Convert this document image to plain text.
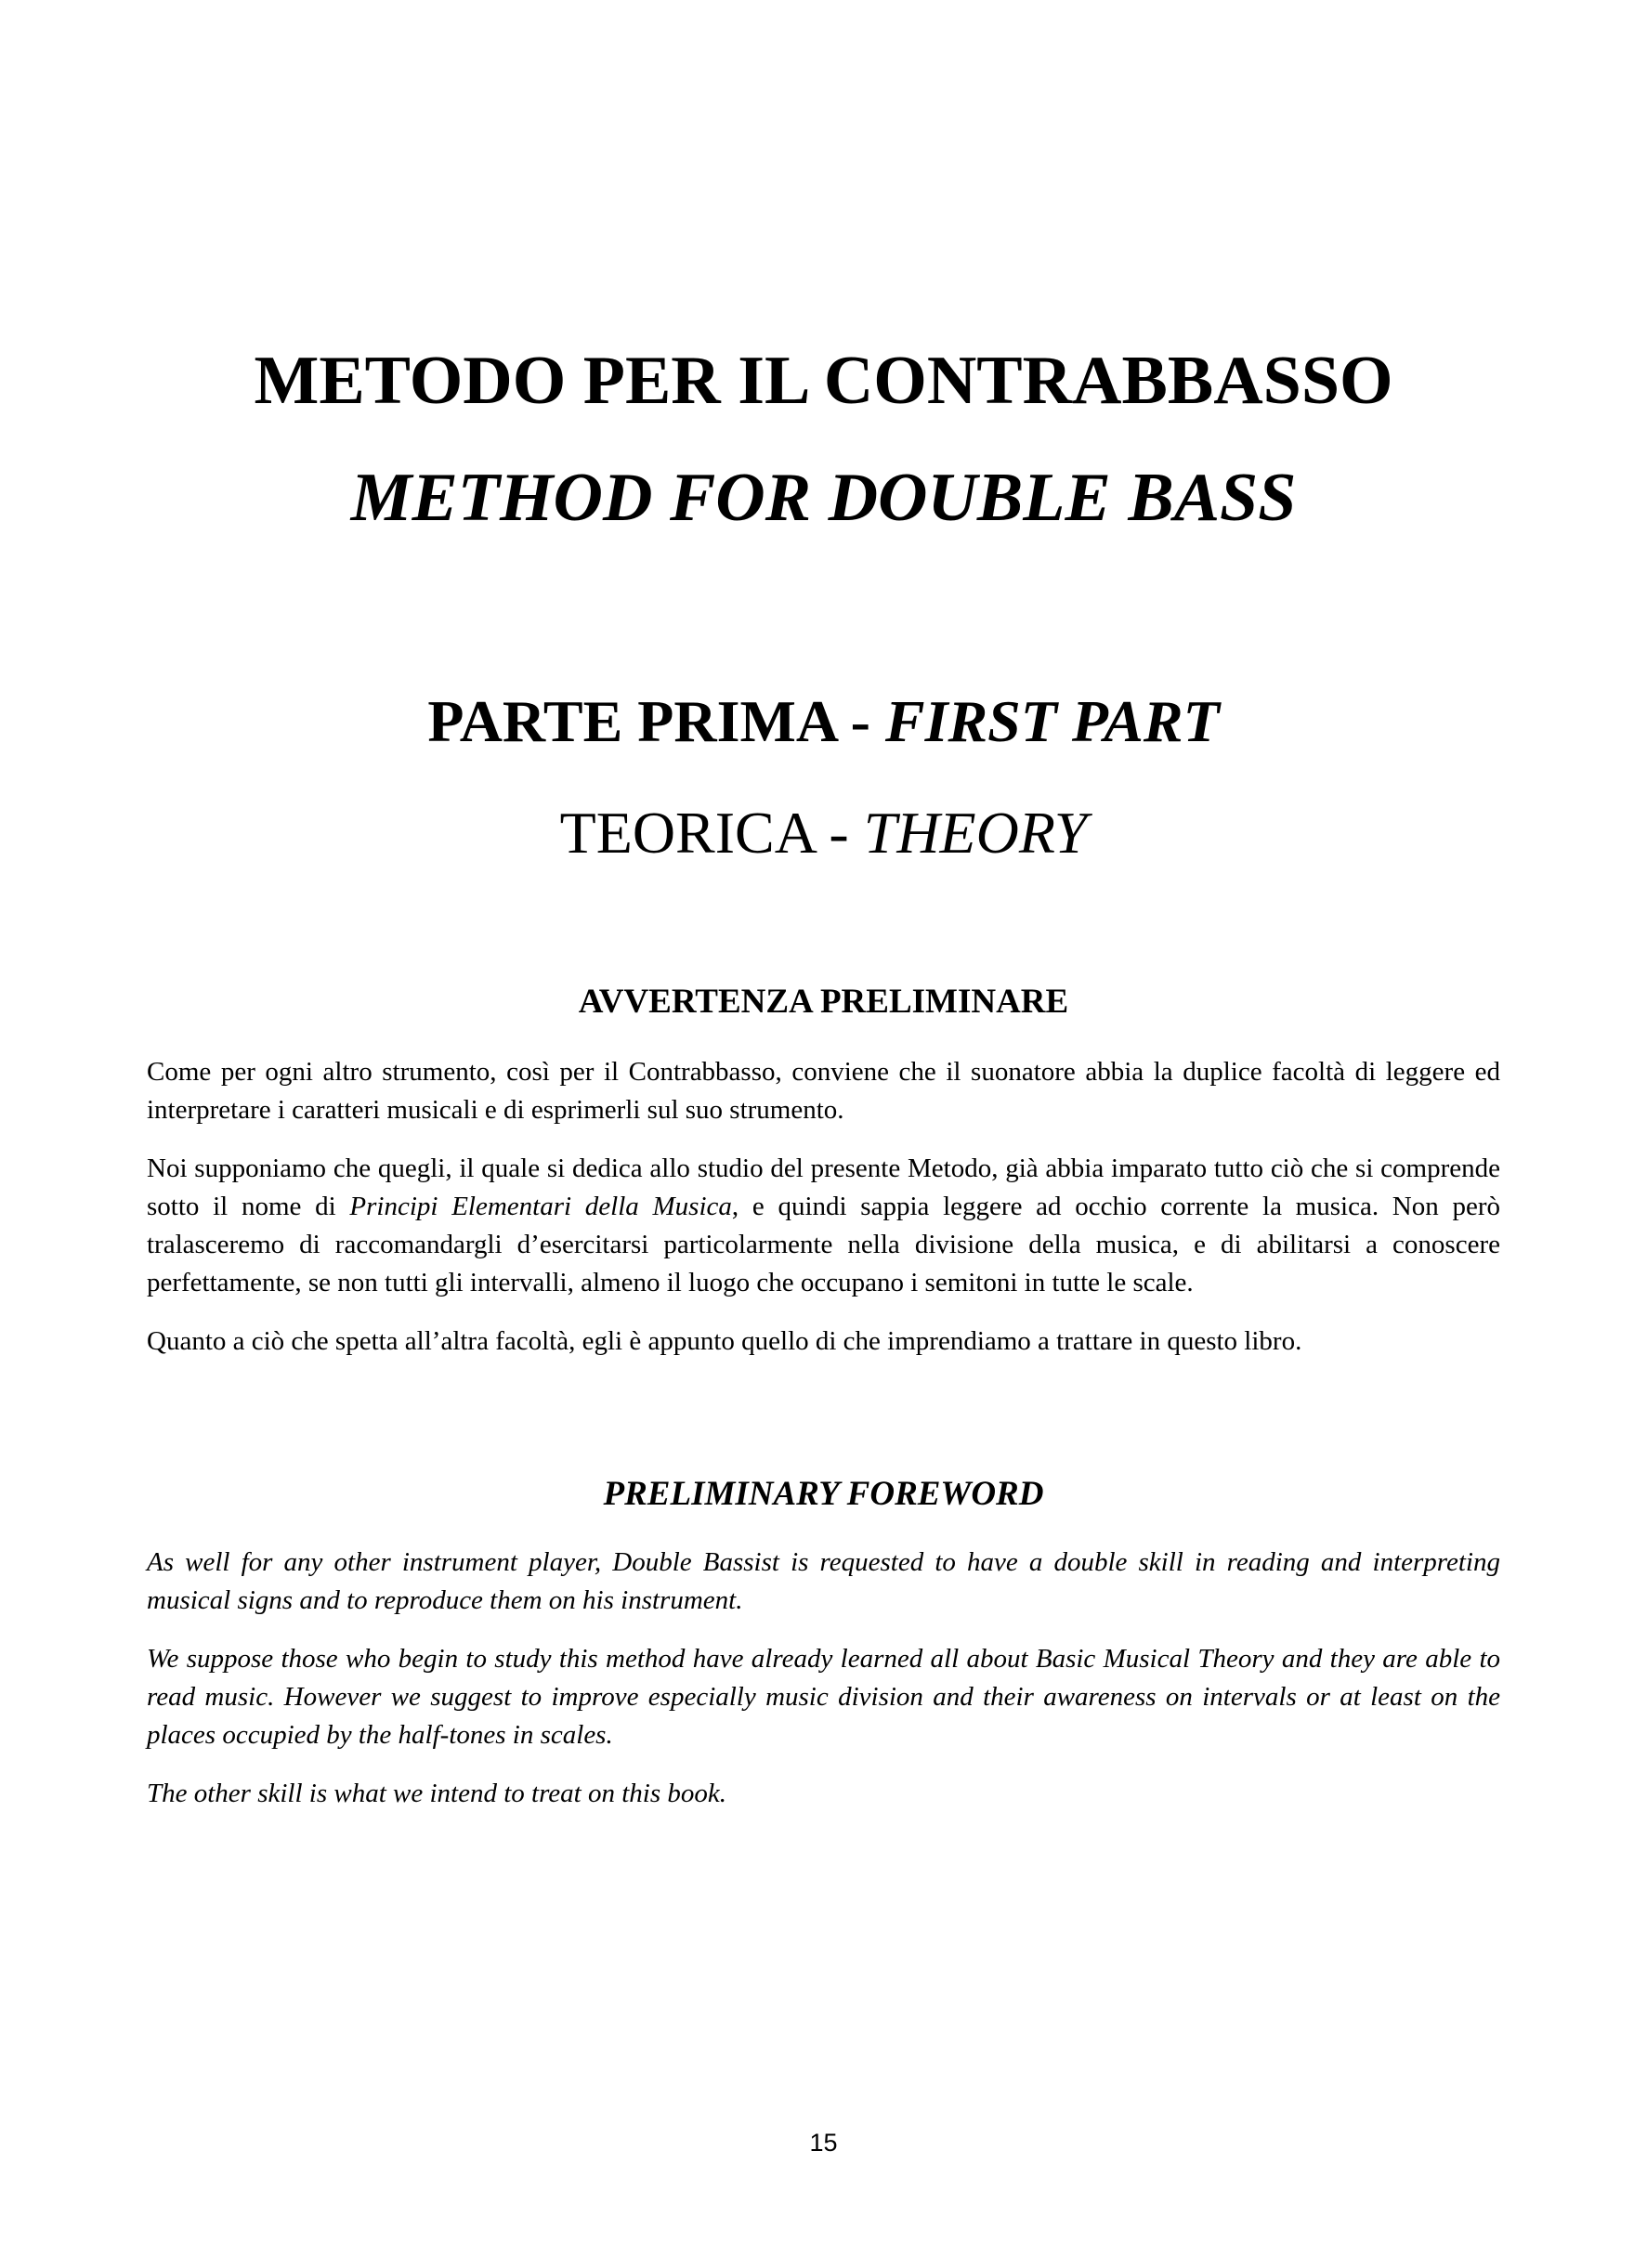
METODO PER IL CONTRABBASSO
METHOD FOR DOUBLE BASS
PARTE PRIMA - FIRST PART
TEORICA - THEORY
AVVERTENZA PRELIMINARE

Come per ogni altro strumento, così per il Contrabbasso, conviene che il suonatore abbia la duplice facoltà di leggere ed interpretare i caratteri musicali e di esprimerli sul suo strumento.

Noi supponiamo che quegli, il quale si dedica allo studio del presente Metodo, già abbia imparato tutto ciò che si comprende sotto il nome di Principi Elementari della Musica, e quindi sappia leggere ad occhio corrente la musica. Non però tralasceremo di raccomandargli d’esercitarsi particolarmente nella divisione della musica, e di abilitarsi a conoscere perfettamente, se non tutti gli intervalli, almeno il luogo che occupano i semitoni in tutte le scale.

Quanto a ciò che spetta all’altra facoltà, egli è appunto quello di che imprendiamo a trattare in questo libro.

PRELIMINARY FOREWORD

As well for any other instrument player, Double Bassist is requested to have a double skill in reading and interpreting musical signs and to reproduce them on his instrument.

We suppose those who begin to study this method have already learned all about Basic Musical Theory and they are able to read music. However we suggest to improve especially music division and their awareness on intervals or at least on the places occupied by the half-tones in scales.

The other skill is what we intend to treat on this book.

15
